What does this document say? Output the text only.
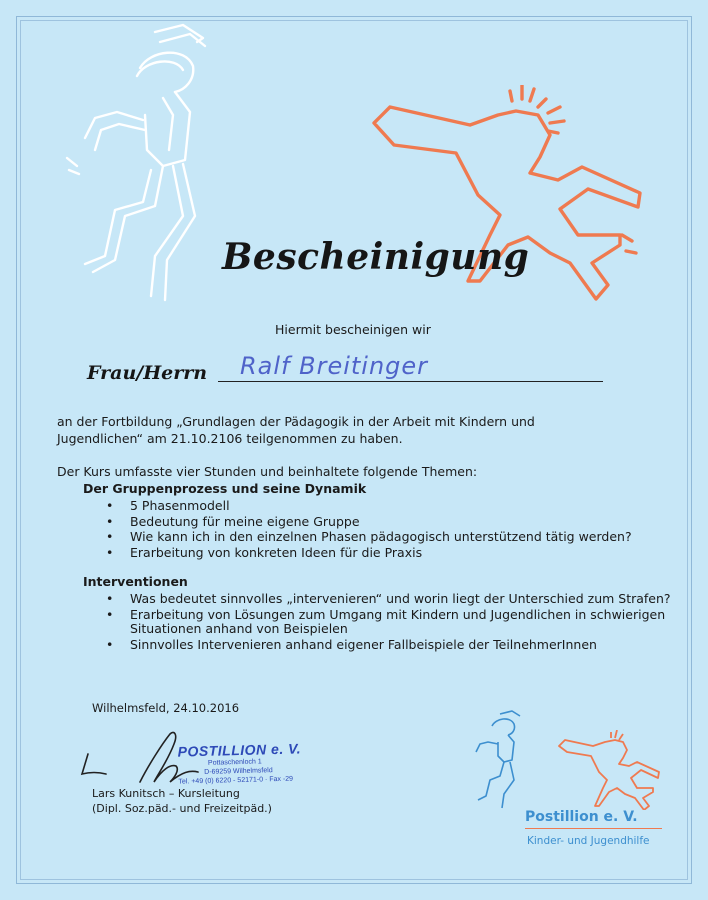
Bescheinigung
Hiermit bescheinigen wir
Frau/Herrn Ralf Breitinger
an der Fortbildung „Grundlagen der Pädagogik in der Arbeit mit Kindern und
Jugendlichen“ am 21.10.2106 teilgenommen zu haben.
Der Kurs umfasste vier Stunden und beinhaltete folgende Themen:
Der Gruppenprozess und seine Dynamik
• 5 Phasenmodell
• Bedeutung für meine eigene Gruppe
• Wie kann ich in den einzelnen Phasen pädagogisch unterstützend tätig werden?
• Erarbeitung von konkreten Ideen für die Praxis
Interventionen
• Was bedeutet sinnvolles „intervenieren“ und worin liegt der Unterschied zum Strafen?
• Erarbeitung von Lösungen zum Umgang mit Kindern und Jugendlichen in schwierigen
Situationen anhand von Beispielen
• Sinnvolles Intervenieren anhand eigener Fallbeispiele der TeilnehmerInnen
Wilhelmsfeld, 24.10.2016
POSTILLION e. V.
Pottaschenloch 1
D-69259 Wilhelmsfeld
Tel. +49 (0) 6220 - 52171-0 · Fax -29
Lars Kunitsch – Kursleitung
(Dipl. Soz.päd.- und Freizeitpäd.)
Postillion e. V.
Kinder- und Jugendhilfe
